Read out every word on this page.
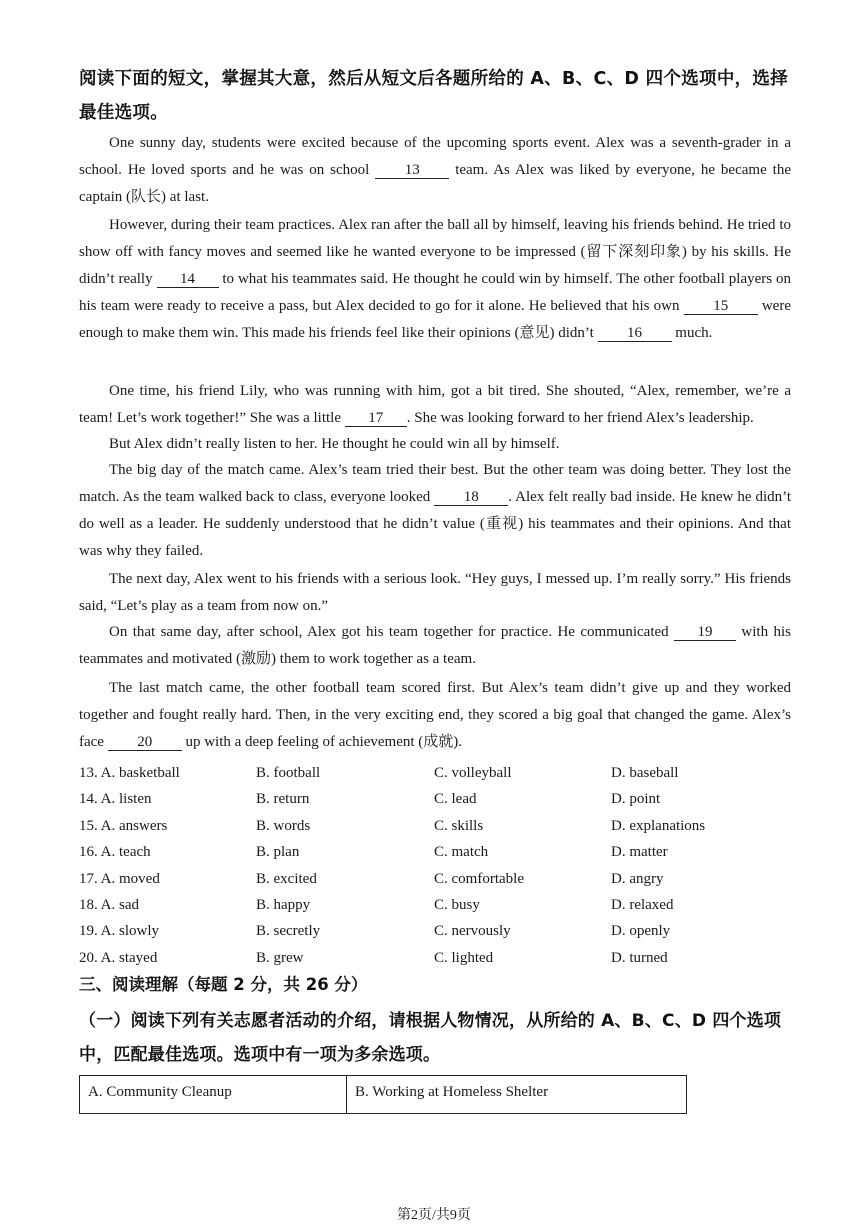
阅读下面的短文，掌握其大意，然后从短文后各题所给的 A、B、C、D 四个选项中，选择最佳选项。
One sunny day, students were excited because of the upcoming sports event. Alex was a seventh-grader in a school. He loved sports and he was on school 13 team. As Alex was liked by everyone, he became the captain (队长) at last.
However, during their team practices. Alex ran after the ball all by himself, leaving his friends behind. He tried to show off with fancy moves and seemed like he wanted everyone to be impressed (留下深刻印象) by his skills. He didn’t really 14 to what his teammates said. He thought he could win by himself. The other football players on his team were ready to receive a pass, but Alex decided to go for it alone. He believed that his own 15 were enough to make them win. This made his friends feel like their opinions (意见) didn’t 16 much.
One time, his friend Lily, who was running with him, got a bit tired. She shouted, “Alex, remember, we’re a team! Let’s work together!” She was a little 17 . She was looking forward to her friend Alex’s leadership.
But Alex didn’t really listen to her. He thought he could win all by himself.
The big day of the match came. Alex’s team tried their best. But the other team was doing better. They lost the match. As the team walked back to class, everyone looked 18 . Alex felt really bad inside. He knew he didn’t do well as a leader. He suddenly understood that he didn’t value (重视) his teammates and their opinions. And that was why they failed.
The next day, Alex went to his friends with a serious look. “Hey guys, I messed up. I’m really sorry.” His friends said, “Let’s play as a team from now on.”
On that same day, after school, Alex got his team together for practice. He communicated 19 with his teammates and motivated (激励) them to work together as a team.
The last match came, the other football team scored first. But Alex’s team didn’t give up and they worked together and fought really hard. Then, in the very exciting end, they scored a big goal that changed the game. Alex’s face 20 up with a deep feeling of achievement (成就).
13. A. basketball	B. football	C. volleyball	D. baseball
14. A. listen	B. return	C. lead	D. point
15. A. answers	B. words	C. skills	D. explanations
16. A. teach	B. plan	C. match	D. matter
17. A. moved	B. excited	C. comfortable	D. angry
18. A. sad	B. happy	C. busy	D. relaxed
19. A. slowly	B. secretly	C. nervously	D. openly
20. A. stayed	B. grew	C. lighted	D. turned
三、阅读理解（每题 2 分，共 26 分）
（一）阅读下列有关志愿者活动的介绍，请根据人物情况，从所给的 A、B、C、D 四个选项中，匹配最佳选项。选项中有一项为多余选项。
A. Community Cleanup	B. Working at Homeless Shelter
第2页/共9页
